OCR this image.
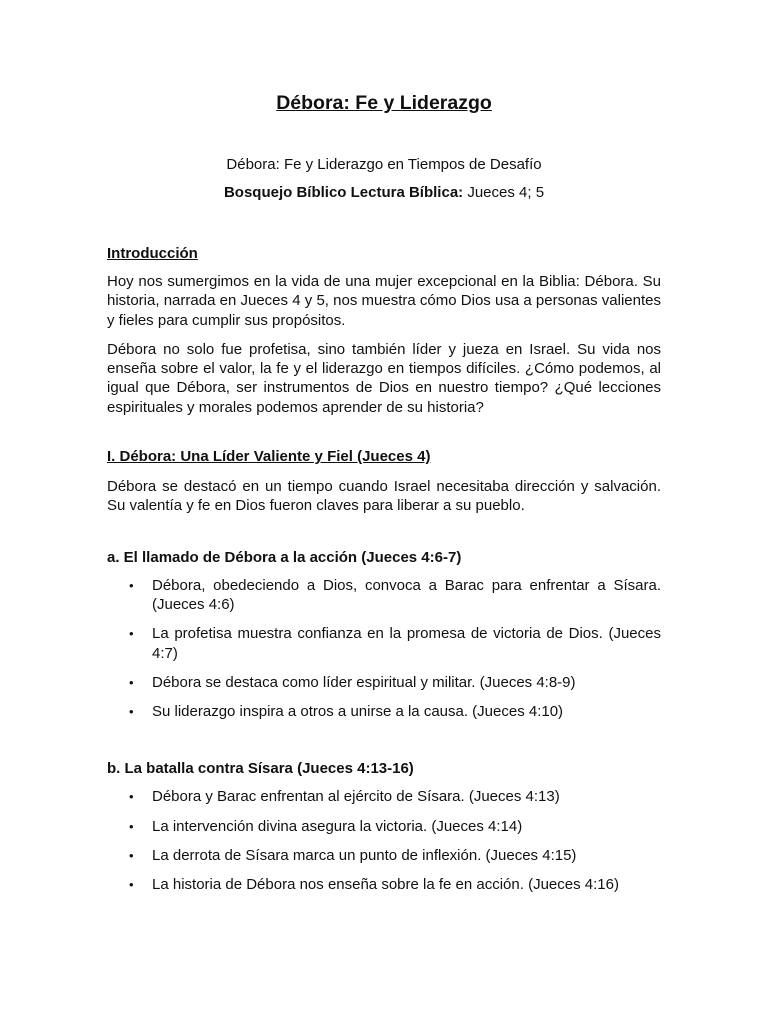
Débora: Fe y Liderazgo
Débora: Fe y Liderazgo en Tiempos de Desafío
Bosquejo Bíblico Lectura Bíblica: Jueces 4; 5
Introducción

Hoy nos sumergimos en la vida de una mujer excepcional en la Biblia: Débora. Su historia, narrada en Jueces 4 y 5, nos muestra cómo Dios usa a personas valientes y fieles para cumplir sus propósitos.

Débora no solo fue profetisa, sino también líder y jueza en Israel. Su vida nos enseña sobre el valor, la fe y el liderazgo en tiempos difíciles. ¿Cómo podemos, al igual que Débora, ser instrumentos de Dios en nuestro tiempo? ¿Qué lecciones espirituales y morales podemos aprender de su historia?

I. Débora: Una Líder Valiente y Fiel (Jueces 4)

Débora se destacó en un tiempo cuando Israel necesitaba dirección y salvación. Su valentía y fe en Dios fueron claves para liberar a su pueblo.

a. El llamado de Débora a la acción (Jueces 4:6-7)
• Débora, obedeciendo a Dios, convoca a Barac para enfrentar a Sísara. (Jueces 4:6)
• La profetisa muestra confianza en la promesa de victoria de Dios. (Jueces 4:7)
• Débora se destaca como líder espiritual y militar. (Jueces 4:8-9)
• Su liderazgo inspira a otros a unirse a la causa. (Jueces 4:10)
b. La batalla contra Sísara (Jueces 4:13-16)
• Débora y Barac enfrentan al ejército de Sísara. (Jueces 4:13)
• La intervención divina asegura la victoria. (Jueces 4:14)
• La derrota de Sísara marca un punto de inflexión. (Jueces 4:15)
• La historia de Débora nos enseña sobre la fe en acción. (Jueces 4:16)
